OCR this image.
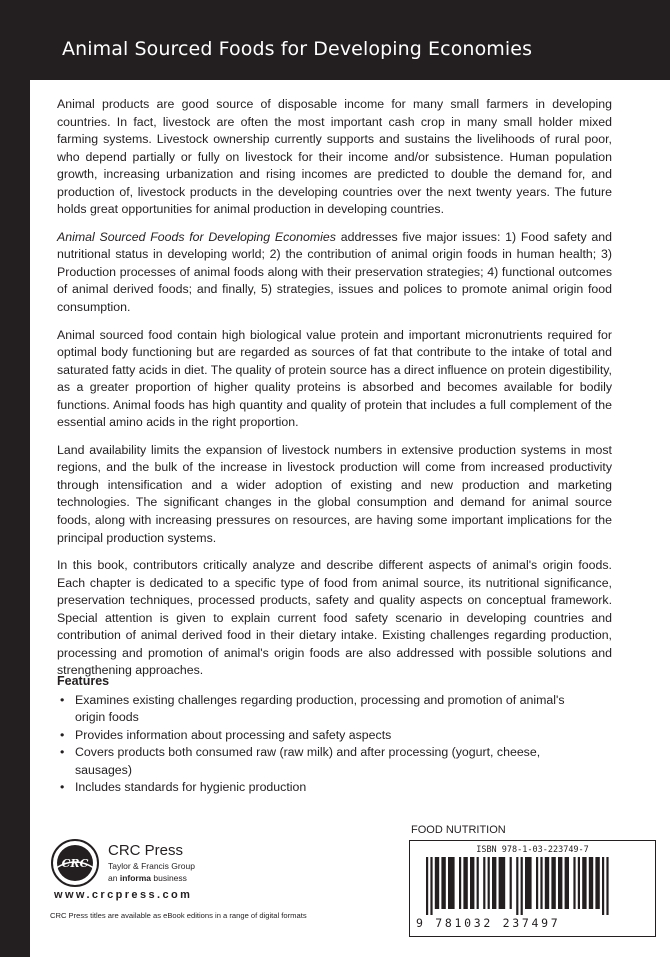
Animal Sourced Foods for Developing Economies

Animal products are good source of disposable income for many small farmers in developing countries. In fact, livestock are often the most important cash crop in many small holder mixed farming systems. Livestock ownership currently supports and sustains the livelihoods of rural poor, who depend partially or fully on livestock for their income and/or subsistence. Human population growth, increasing urbanization and rising incomes are predicted to double the demand for, and production of, livestock products in the developing countries over the next twenty years. The future holds great opportunities for animal production in developing countries.

Animal Sourced Foods for Developing Economies addresses five major issues: 1) Food safety and nutritional status in developing world; 2) the contribution of animal origin foods in human health; 3) Production processes of animal foods along with their preservation strategies; 4) functional outcomes of animal derived foods; and finally, 5) strategies, issues and polices to promote animal origin food consumption.

Animal sourced food contain high biological value protein and important micronutrients required for optimal body functioning but are regarded as sources of fat that contribute to the intake of total and saturated fatty acids in diet. The quality of protein source has a direct influence on protein digestibility, as a greater proportion of higher quality proteins is absorbed and becomes available for bodily functions. Animal foods has high quantity and quality of protein that includes a full complement of the essential amino acids in the right proportion.

Land availability limits the expansion of livestock numbers in extensive production systems in most regions, and the bulk of the increase in livestock production will come from increased productivity through intensification and a wider adoption of existing and new production and marketing technologies. The significant changes in the global consumption and demand for animal source foods, along with increasing pressures on resources, are having some important implications for the principal production systems.

In this book, contributors critically analyze and describe different aspects of animal's origin foods. Each chapter is dedicated to a specific type of food from animal source, its nutritional significance, preservation techniques, processed products, safety and quality aspects on conceptual framework. Special attention is given to explain current food safety scenario in developing countries and contribution of animal derived food in their dietary intake. Existing challenges regarding production, processing and promotion of animal's origin foods are also addressed with possible solutions and strengthening approaches.

Features
• Examines existing challenges regarding production, processing and promotion of animal's origin foods
• Provides information about processing and safety aspects
• Covers products both consumed raw (raw milk) and after processing (yogurt, cheese, sausages)
• Includes standards for hygienic production
CRC
CRC Press
Taylor & Francis Group
an informa business
www.crcpress.com
CRC Press titles are available as eBook editions in a range of digital formats
FOOD NUTRITION
ISBN 978-1-03-223749-7
9 781032 237497
